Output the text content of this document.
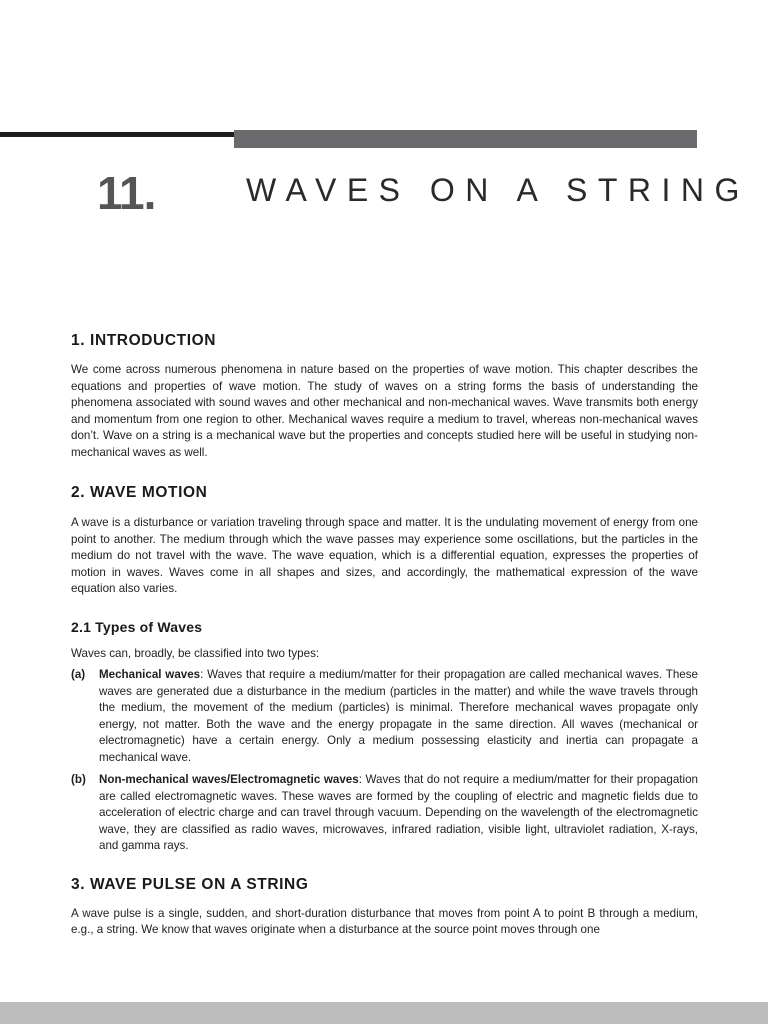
11.	WAVES ON A STRING
1. INTRODUCTION

We come across numerous phenomena in nature based on the properties of wave motion. This chapter describes the equations and properties of wave motion. The study of waves on a string forms the basis of understanding the phenomena associated with sound waves and other mechanical and non-mechanical waves. Wave transmits both energy and momentum from one region to other. Mechanical waves require a medium to travel, whereas non-mechanical waves don’t. Wave on a string is a mechanical wave but the properties and concepts studied here will be useful in studying non-mechanical waves as well.

2. WAVE MOTION

A wave is a disturbance or variation traveling through space and matter. It is the undulating movement of energy from one point to another. The medium through which the wave passes may experience some oscillations, but the particles in the medium do not travel with the wave. The wave equation, which is a differential equation, expresses the properties of motion in waves. Waves come in all shapes and sizes, and accordingly, the mathematical expression of the wave equation also varies.

2.1 Types of Waves

Waves can, broadly, be classified into two types:

(a) Mechanical waves: Waves that require a medium/matter for their propagation are called mechanical waves. These waves are generated due a disturbance in the medium (particles in the matter) and while the wave travels through the medium, the movement of the medium (particles) is minimal. Therefore mechanical waves propagate only energy, not matter. Both the wave and the energy propagate in the same direction. All waves (mechanical or electromagnetic) have a certain energy. Only a medium possessing elasticity and inertia can propagate a mechanical wave.

(b) Non-mechanical waves/Electromagnetic waves: Waves that do not require a medium/matter for their propagation are called electromagnetic waves. These waves are formed by the coupling of electric and magnetic fields due to acceleration of electric charge and can travel through vacuum. Depending on the wavelength of the electromagnetic wave, they are classified as radio waves, microwaves, infrared radiation, visible light, ultraviolet radiation, X-rays, and gamma rays.

3. WAVE PULSE ON A STRING

A wave pulse is a single, sudden, and short-duration disturbance that moves from point A to point B through a medium, e.g., a string. We know that waves originate when a disturbance at the source point moves through one
